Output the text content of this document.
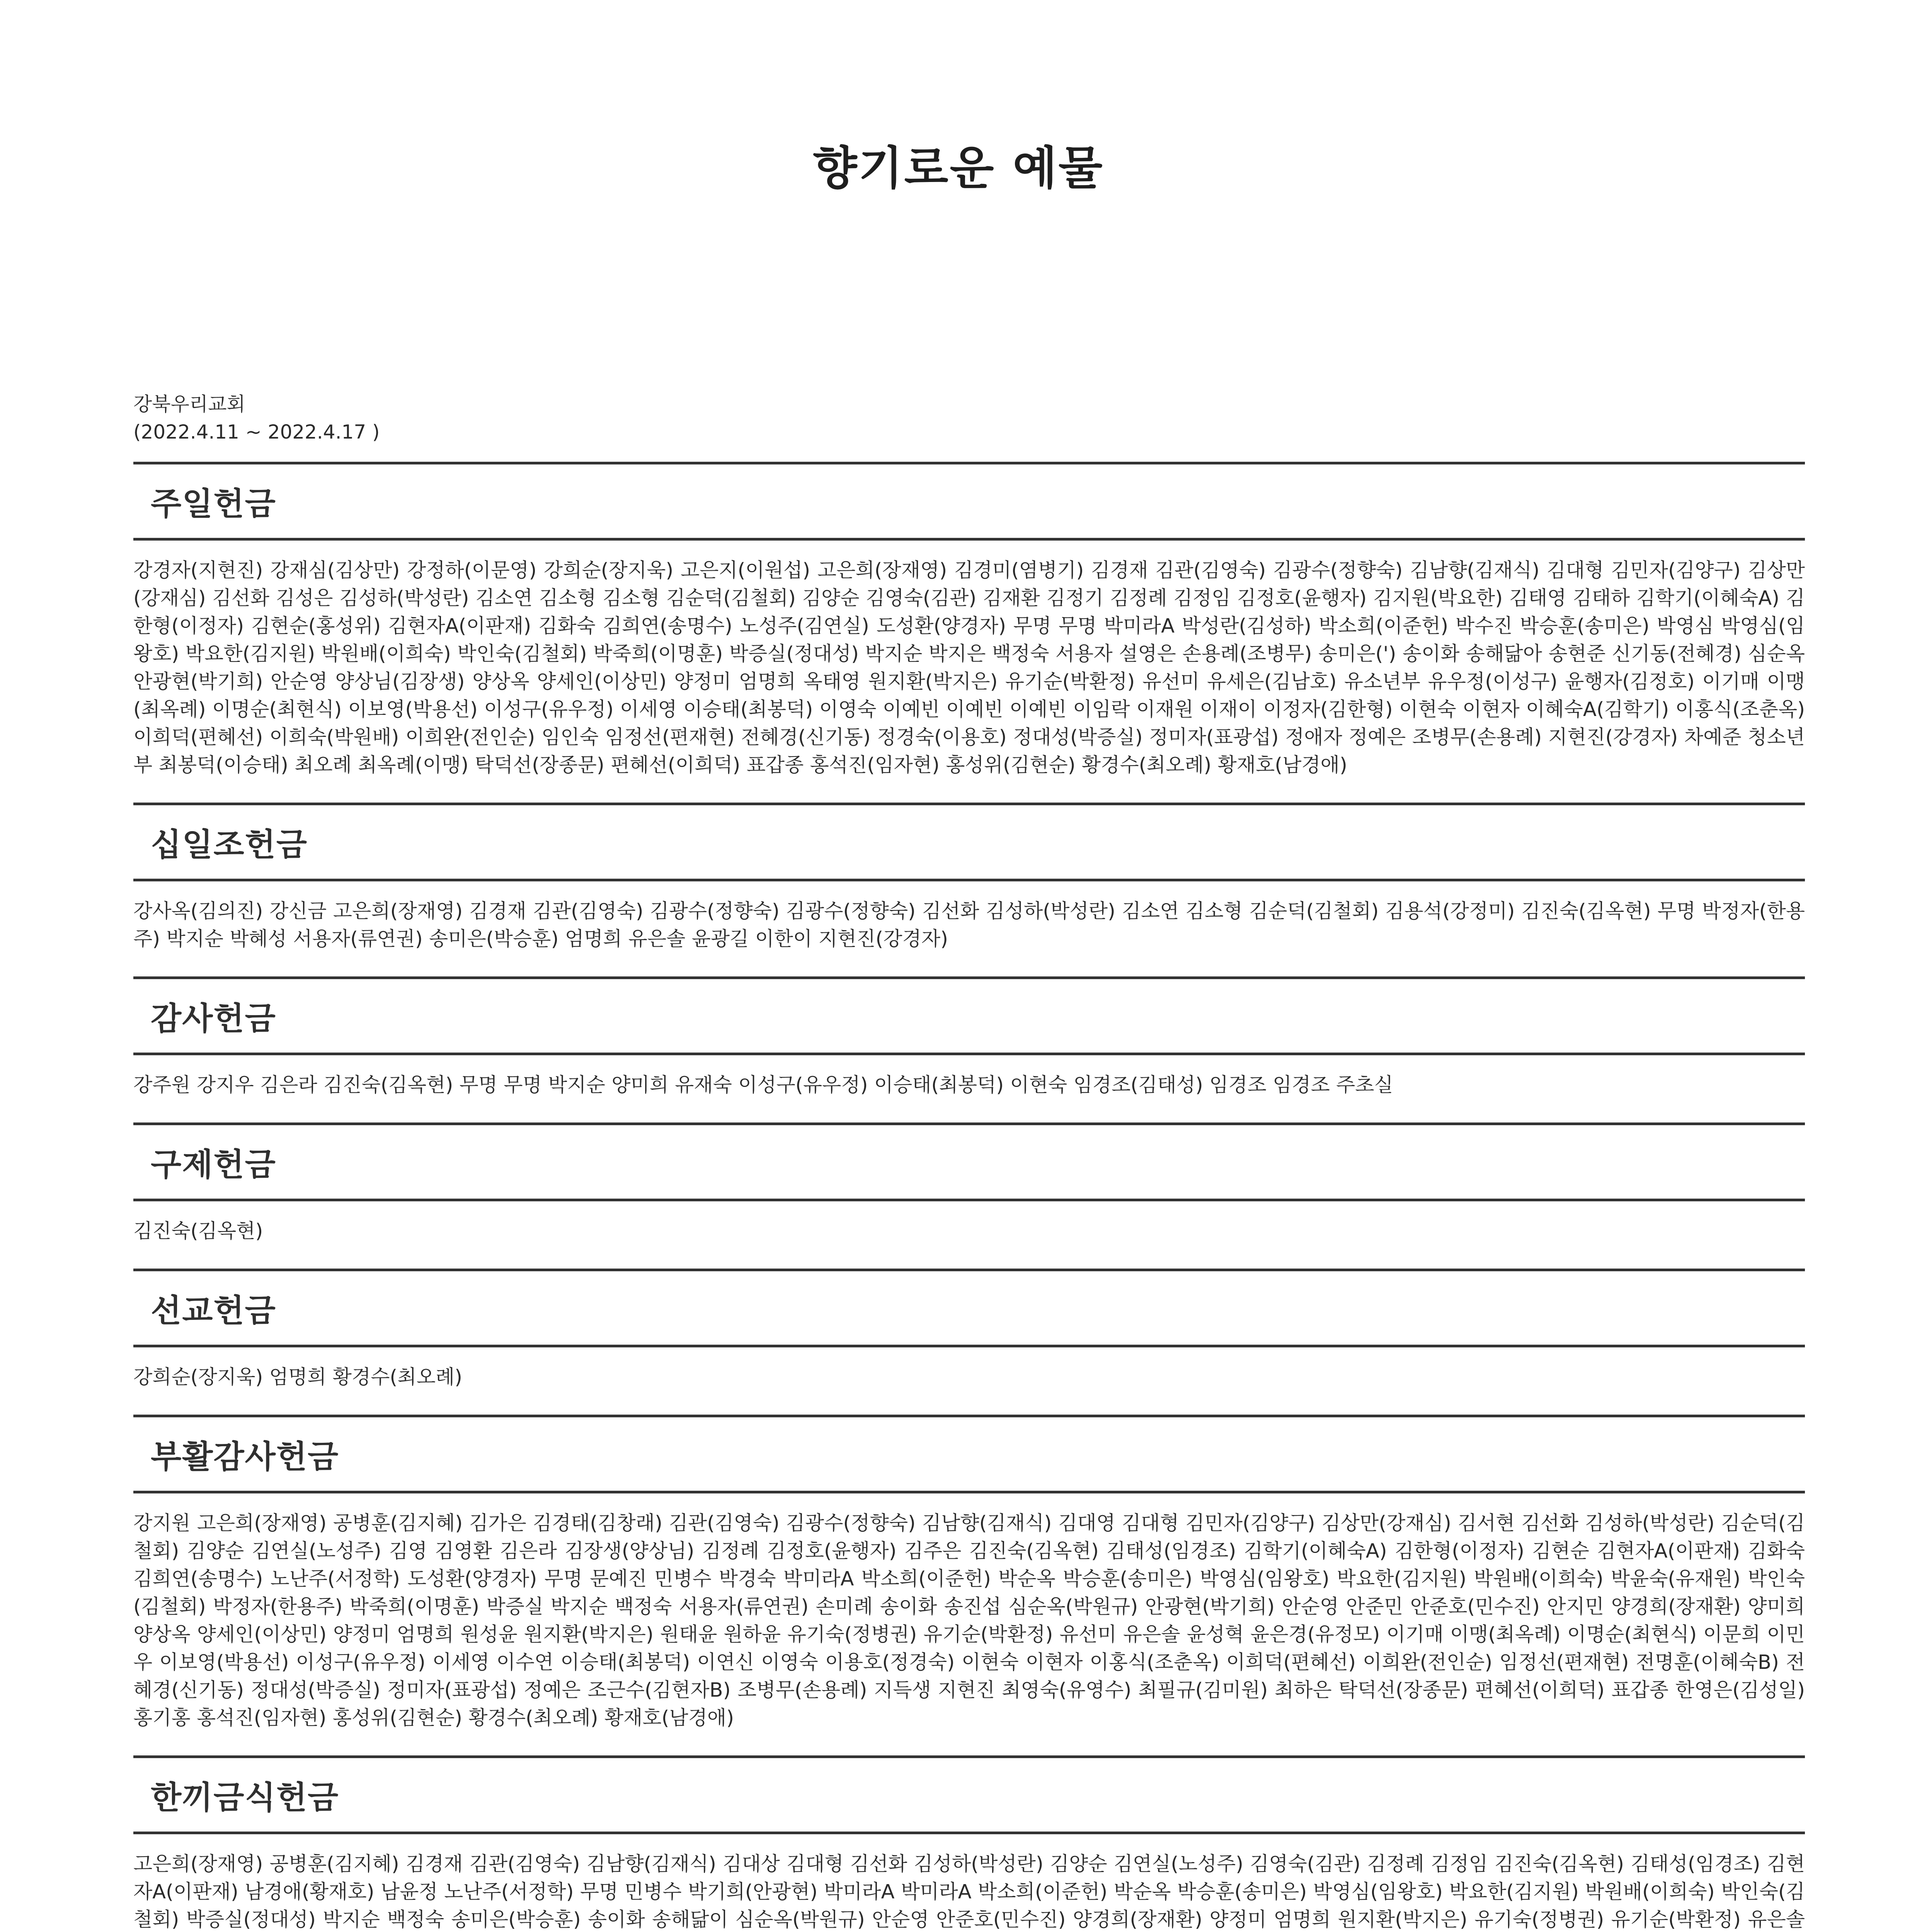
향기로운 예물
강북우리교회
(2022.4.11 ~ 2022.4.17 )
주일헌금
강경자(지현진) 강재심(김상만) 강정하(이문영) 강희순(장지욱) 고은지(이원섭) 고은희(장재영) 김경미(염병기) 김경재 김관(김영숙) 김광수(정향숙) 김남향(김재식) 김대형 김민자(김양구) 김상만(강재심) 김선화 김성은 김성하(박성란) 김소연 김소형 김소형 김순덕(김철회) 김양순 김영숙(김관) 김재환 김정기 김정례 김정임 김정호(윤행자) 김지원(박요한) 김태영 김태하 김학기(이혜숙A) 김한형(이정자) 김현순(홍성위) 김현자A(이판재) 김화숙 김희연(송명수) 노성주(김연실) 도성환(양경자) 무명 무명 박미라A 박성란(김성하) 박소희(이준헌) 박수진 박승훈(송미은) 박영심 박영심(임왕호) 박요한(김지원) 박원배(이희숙) 박인숙(김철회) 박죽희(이명훈) 박증실(정대성) 박지순 박지은 백정숙 서용자 설영은 손용례(조병무) 송미은(') 송이화 송해닮아 송현준 신기동(전혜경) 심순옥 안광현(박기희) 안순영 양상님(김장생) 양상옥 양세인(이상민) 양정미 엄명희 옥태영 원지환(박지은) 유기순(박환정) 유선미 유세은(김남호) 유소년부 유우정(이성구) 윤행자(김정호) 이기매 이맹(최옥례) 이명순(최현식) 이보영(박용선) 이성구(유우정) 이세영 이승태(최봉덕) 이영숙 이예빈 이예빈 이예빈 이임락 이재원 이재이 이정자(김한형) 이현숙 이현자 이혜숙A(김학기) 이홍식(조춘옥) 이희덕(편혜선) 이희숙(박원배) 이희완(전인순) 임인숙 임정선(편재현) 전혜경(신기동) 정경숙(이용호) 정대성(박증실) 정미자(표광섭) 정애자 정예은 조병무(손용례) 지현진(강경자) 차예준 청소년부 최봉덕(이승태) 최오례 최옥례(이맹) 탁덕선(장종문) 편혜선(이희덕) 표갑종 홍석진(임자현) 홍성위(김현순) 황경수(최오례) 황재호(남경애)
십일조헌금
강사옥(김의진) 강신금 고은희(장재영) 김경재 김관(김영숙) 김광수(정향숙) 김광수(정향숙) 김선화 김성하(박성란) 김소연 김소형 김순덕(김철회) 김용석(강정미) 김진숙(김옥현) 무명 박정자(한용주) 박지순 박혜성 서용자(류연권) 송미은(박승훈) 엄명희 유은솔 윤광길 이한이 지현진(강경자)
감사헌금
강주원 강지우 김은라 김진숙(김옥현) 무명 무명 박지순 양미희 유재숙 이성구(유우정) 이승태(최봉덕) 이현숙 임경조(김태성) 임경조 임경조 주초실
구제헌금
김진숙(김옥현)
선교헌금
강희순(장지욱) 엄명희 황경수(최오례)
부활감사헌금
강지원 고은희(장재영) 공병훈(김지혜) 김가은 김경태(김창래) 김관(김영숙) 김광수(정향숙) 김남향(김재식) 김대영 김대형 김민자(김양구) 김상만(강재심) 김서현 김선화 김성하(박성란) 김순덕(김철회) 김양순 김연실(노성주) 김영 김영환 김은라 김장생(양상님) 김정례 김정호(윤행자) 김주은 김진숙(김옥현) 김태성(임경조) 김학기(이혜숙A) 김한형(이정자) 김현순 김현자A(이판재) 김화숙 김희연(송명수) 노난주(서정학) 도성환(양경자) 무명 문예진 민병수 박경숙 박미라A 박소희(이준헌) 박순옥 박승훈(송미은) 박영심(임왕호) 박요한(김지원) 박원배(이희숙) 박윤숙(유재원) 박인숙(김철회) 박정자(한용주) 박죽희(이명훈) 박증실 박지순 백정숙 서용자(류연권) 손미례 송이화 송진섭 심순옥(박원규) 안광현(박기희) 안순영 안준민 안준호(민수진) 안지민 양경희(장재환) 양미희 양상옥 양세인(이상민) 양정미 엄명희 원성윤 원지환(박지은) 원태윤 원하윤 유기숙(정병권) 유기순(박환정) 유선미 유은솔 윤성혁 윤은경(유정모) 이기매 이맹(최옥례) 이명순(최현식) 이문희 이민우 이보영(박용선) 이성구(유우정) 이세영 이수연 이승태(최봉덕) 이연신 이영숙 이용호(정경숙) 이현숙 이현자 이홍식(조춘옥) 이희덕(편혜선) 이희완(전인순) 임정선(편재현) 전명훈(이혜숙B) 전혜경(신기동) 정대성(박증실) 정미자(표광섭) 정예은 조근수(김현자B) 조병무(손용례) 지득생 지현진 최영숙(유영수) 최필규(김미원) 최하은 탁덕선(장종문) 편혜선(이희덕) 표갑종 한영은(김성일) 홍기홍 홍석진(임자현) 홍성위(김현순) 황경수(최오례) 황재호(남경애)
한끼금식헌금
고은희(장재영) 공병훈(김지혜) 김경재 김관(김영숙) 김남향(김재식) 김대상 김대형 김선화 김성하(박성란) 김양순 김연실(노성주) 김영숙(김관) 김정례 김정임 김진숙(김옥현) 김태성(임경조) 김현자A(이판재) 남경애(황재호) 남윤정 노난주(서정학) 무명 민병수 박기희(안광현) 박미라A 박미라A 박소희(이준헌) 박순옥 박승훈(송미은) 박영심(임왕호) 박요한(김지원) 박원배(이희숙) 박인숙(김철회) 박증실(정대성) 박지순 백정숙 송미은(박승훈) 송이화 송해닮이 심순옥(박원규) 안순영 안준호(민수진) 양경희(장재환) 양정미 엄명희 원지환(박지은) 유기숙(정병권) 유기순(박환정) 유은솔
